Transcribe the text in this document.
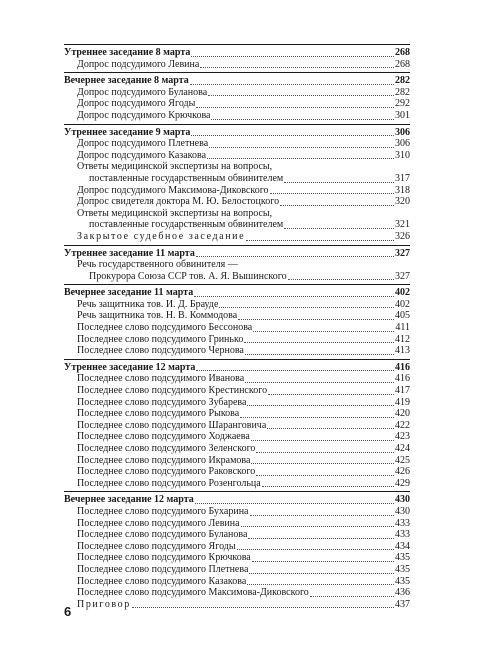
Утреннее заседание 8 марта	268
Допрос подсудимого Левина	268
Вечернее заседание 8 марта	282
Допрос подсудимого Буланова	282
Допрос подсудимого Ягоды	292
Допрос подсудимого Крючкова	301
Утреннее заседание 9 марта	306
Допрос подсудимого Плетнева	306
Допрос подсудимого Казакова	310
Ответы медицинской экспертизы на вопросы,
поставленные государственным обвинителем	317
Допрос подсудимого Максимова-Диковского	318
Допрос свидетеля доктора М. Ю. Белостоцкого	320
Ответы медицинской экспертизы на вопросы,
поставленные государственным обвинителем	321
Закрытое судебное заседание	326
Утреннее заседание 11 марта	327
Речь государственного обвинителя —
Прокурора Союза ССР тов. А. Я. Вышинского	327
Вечернее заседание 11 марта	402
Речь защитника тов. И. Д. Брауде	402
Речь защитника тов. Н. В. Коммодова	405
Последнее слово подсудимого Бессонова	411
Последнее слово подсудимого Гринько	412
Последнее слово подсудимого Чернова	413
Утреннее заседание 12 марта	416
Последнее слово подсудимого Иванова	416
Последнее слово подсудимого Крестинского	417
Последнее слово подсудимого Зубарева	419
Последнее слово подсудимого Рыкова	420
Последнее слово подсудимого Шаранговича	422
Последнее слово подсудимого Ходжаева	423
Последнее слово подсудимого Зеленского	424
Последнее слово подсудимого Икрамова	425
Последнее слово подсудимого Раковского	426
Последнее слово подсудимого Розенгольца	429
Вечернее заседание 12 марта	430
Последнее слово подсудимого Бухарина	430
Последнее слово подсудимого Левина	433
Последнее слово подсудимого Буланова	433
Последнее слово подсудимого Ягоды	434
Последнее слово подсудимого Крючкова	435
Последнее слово подсудимого Плетнева	435
Последнее слово подсудимого Казакова	435
Последнее слово подсудимого Максимова-Диковского	436
Приговор	437
6
